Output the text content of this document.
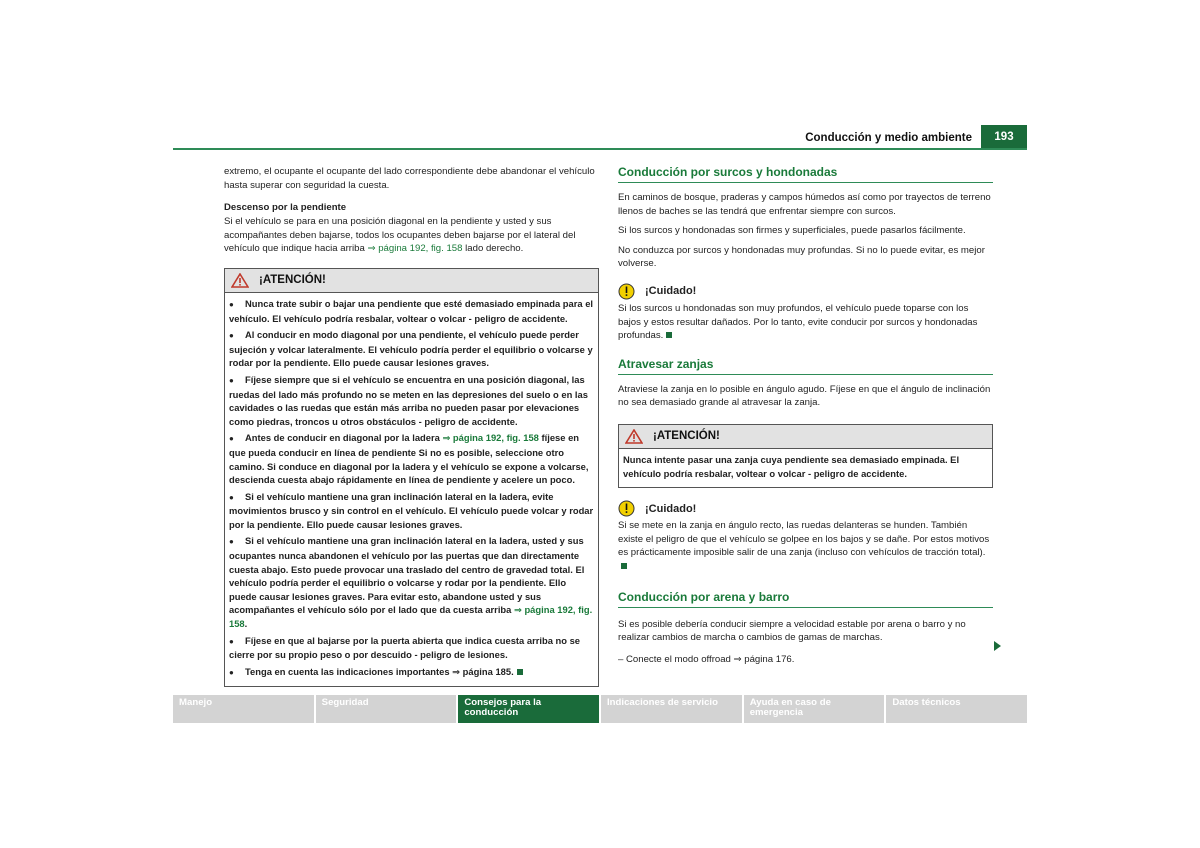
Conducción y medio ambiente	193

extremo, el ocupante el ocupante del lado correspondiente debe abandonar el vehículo hasta superar con seguridad la cuesta.

Descenso por la pendiente

Si el vehículo se para en una posición diagonal en la pendiente y usted y sus acompañantes deben bajarse, todos los ocupantes deben bajarse por el lateral del vehículo que indique hacia arriba ⇒ página 192, fig. 158 lado derecho.

¡ATENCIÓN!

● Nunca trate subir o bajar una pendiente que esté demasiado empinada para el vehículo. El vehículo podría resbalar, voltear o volcar - peligro de accidente.

● Al conducir en modo diagonal por una pendiente, el vehículo puede perder sujeción y volcar lateralmente. El vehículo podría perder el equilibrio o volcarse y rodar por la pendiente. Ello puede causar lesiones graves.

● Fíjese siempre que si el vehículo se encuentra en una posición diagonal, las ruedas del lado más profundo no se meten en las depresiones del suelo o en las cavidades o las ruedas que están más arriba no pueden pasar por elevaciones como piedras, troncos u otros obstáculos - peligro de accidente.

● Antes de conducir en diagonal por la ladera ⇒ página 192, fig. 158 fíjese en que pueda conducir en línea de pendiente Si no es posible, seleccione otro camino. Si conduce en diagonal por la ladera y el vehículo se expone a volcarse, descienda cuesta abajo rápidamente en línea de pendiente y acelere un poco.

● Si el vehículo mantiene una gran inclinación lateral en la ladera, evite movimientos brusco y sin control en el vehículo. El vehículo puede volcar y rodar por la pendiente. Ello puede causar lesiones graves.

● Si el vehículo mantiene una gran inclinación lateral en la ladera, usted y sus ocupantes nunca abandonen el vehículo por las puertas que dan directamente cuesta abajo. Esto puede provocar una traslado del centro de gravedad total. El vehículo podría perder el equilibrio o volcarse y rodar por la pendiente. Ello puede causar lesiones graves. Para evitar esto, abandone usted y sus acompañantes el vehículo sólo por el lado que da cuesta arriba ⇒ página 192, fig. 158.

● Fíjese en que al bajarse por la puerta abierta que indica cuesta arriba no se cierre por su propio peso o por descuido - peligro de lesiones.

● Tenga en cuenta las indicaciones importantes ⇒ página 185.

Conducción por surcos y hondonadas

En caminos de bosque, praderas y campos húmedos así como por trayectos de terreno llenos de baches se las tendrá que enfrentar siempre con surcos.

Si los surcos y hondonadas son firmes y superficiales, puede pasarlos fácilmente.

No conduzca por surcos y hondonadas muy profundas. Si no lo puede evitar, es mejor volverse.

¡Cuidado!

Si los surcos u hondonadas son muy profundos, el vehículo puede toparse con los bajos y estos resultar dañados. Por lo tanto, evite conducir por surcos y hondonadas profundas.

Atravesar zanjas

Atraviese la zanja en lo posible en ángulo agudo. Fíjese en que el ángulo de inclinación no sea demasiado grande al atravesar la zanja.

¡ATENCIÓN!

Nunca intente pasar una zanja cuya pendiente sea demasiado empinada. El vehículo podría resbalar, voltear o volcar - peligro de accidente.

¡Cuidado!

Si se mete en la zanja en ángulo recto, las ruedas delanteras se hunden. También existe el peligro de que el vehículo se golpee en los bajos y se dañe. Por estos motivos es prácticamente imposible salir de una zanja (incluso con vehículos de tracción total).

Conducción por arena y barro

Si es posible debería conducir siempre a velocidad estable por arena o barro y no realizar cambios de marcha o cambios de gamas de marchas.

– Conecte el modo offroad ⇒ página 176.

Manejo	Seguridad	Consejos para la conducción
Indicaciones de servicio	Ayuda en caso de emergencia
Datos técnicos
